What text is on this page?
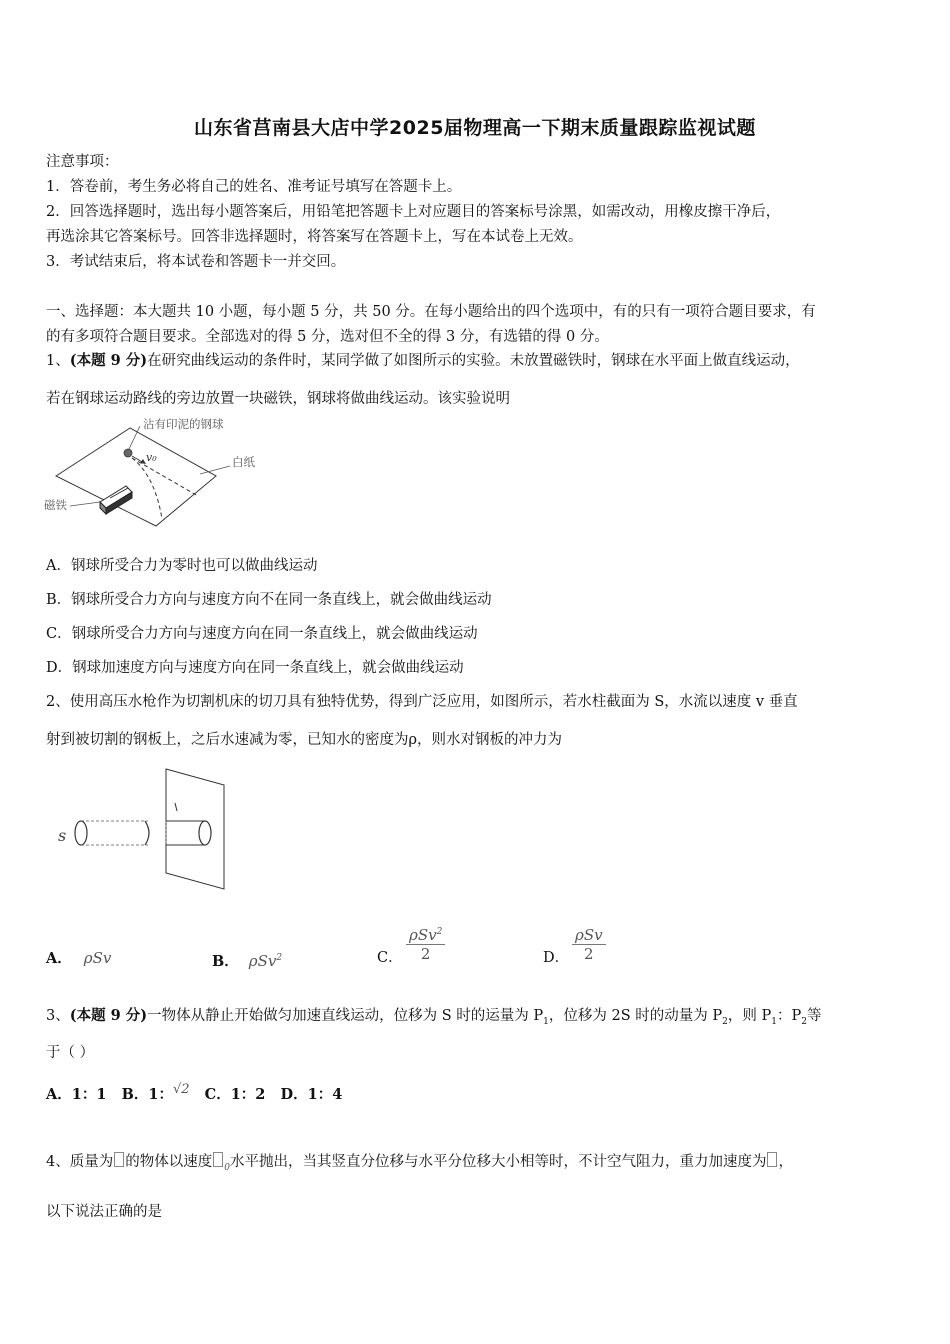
山东省莒南县大店中学2025届物理高一下期末质量跟踪监视试题
注意事项：
1．答卷前，考生务必将自己的姓名、准考证号填写在答题卡上。
2．回答选择题时，选出每小题答案后，用铅笔把答题卡上对应题目的答案标号涂黑，如需改动，用橡皮擦干净后，
再选涂其它答案标号。回答非选择题时，将答案写在答题卡上，写在本试卷上无效。
3．考试结束后，将本试卷和答题卡一并交回。
一、选择题：本大题共 10 小题，每小题 5 分，共 50 分。在每小题给出的四个选项中，有的只有一项符合题目要求，有
的有多项符合题目要求。全部选对的得 5 分，选对但不全的得 3 分，有选错的得 0 分。
1、(本题 9 分)在研究曲线运动的条件时，某同学做了如图所示的实验。未放置磁铁时，钢球在水平面上做直线运动，
若在钢球运动路线的旁边放置一块磁铁，钢球将做曲线运动。该实验说明
沾有印泥的钢球
v₀	白纸
磁铁
A．钢球所受合力为零时也可以做曲线运动
B．钢球所受合力方向与速度方向不在同一条直线上，就会做曲线运动
C．钢球所受合力方向与速度方向在同一条直线上，就会做曲线运动
D．钢球加速度方向与速度方向在同一条直线上，就会做曲线运动
2、使用高压水枪作为切割机床的切刀具有独特优势，得到广泛应用，如图所示，若水柱截面为 S，水流以速度 v 垂直
射到被切割的钢板上，之后水速减为零，已知水的密度为ρ，则水对钢板的冲力为
s
A． ρSv	B． ρSv$^2$	C．
ρSv$^2$
2	D．
ρSv
2
3、(本题 9 分)一物体从静止开始做匀加速直线运动，位移为 S 时的运量为 $P_1$，位移为 2S 时的动量为 $P_2$，则 $P_1$：$P_2$等
于（ ）
A．1：1 B．1：√2 C．1：2 D．1：4
4、质量为 的物体以速度 $_0$水平抛出，当其竖直分位移与水平分位移大小相等时，不计空气阻力，重力加速度为 ，
以下说法正确的是
